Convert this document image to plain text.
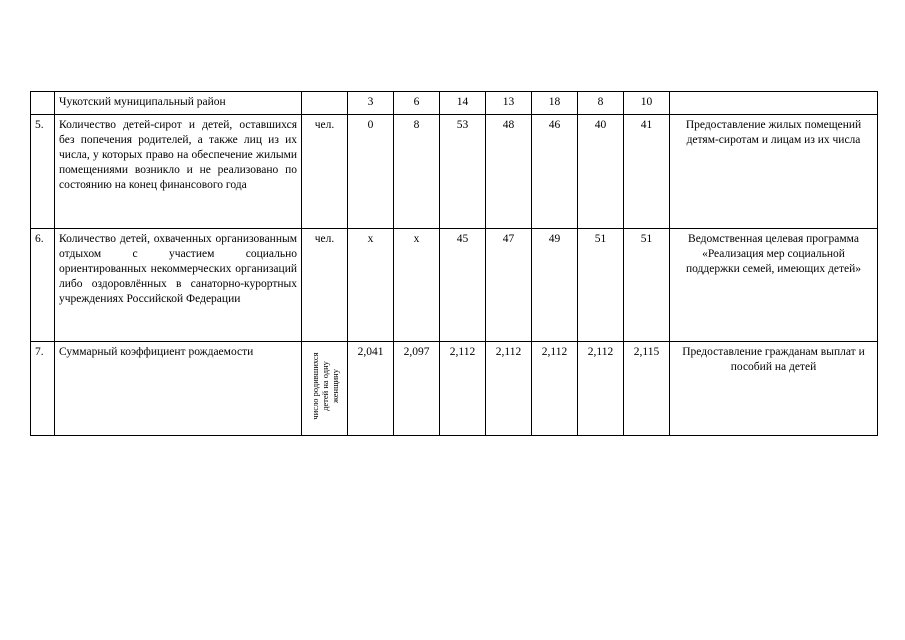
	Чукотский муниципальный район		3	6	14	13	18	8	10	
5.	Количество детей-сирот и детей, оставшихся без попечения родителей, а также лиц из их числа, у которых право на обеспечение жилыми помещениями возникло и не реализовано по состоянию на конец финансового года	чел.	0	8	53	48	46	40	41	Предоставление жилых помещений детям-сиротам и лицам из их числа
6.	Количество детей, охваченных организованным отдыхом с участием социально ориентированных некоммерческих организаций либо оздоровлённых в санаторно-курортных учреждениях Российской Федерации	чел.	х	х	45	47	49	51	51	Ведомственная целевая программа «Реализация мер социальной поддержки семей, имеющих детей»
7.	Суммарный коэффициент рождаемости	число родившихся детей на одну женщину	2,041	2,097	2,112	2,112	2,112	2,112	2,115	Предоставление гражданам выплат и пособий на детей
